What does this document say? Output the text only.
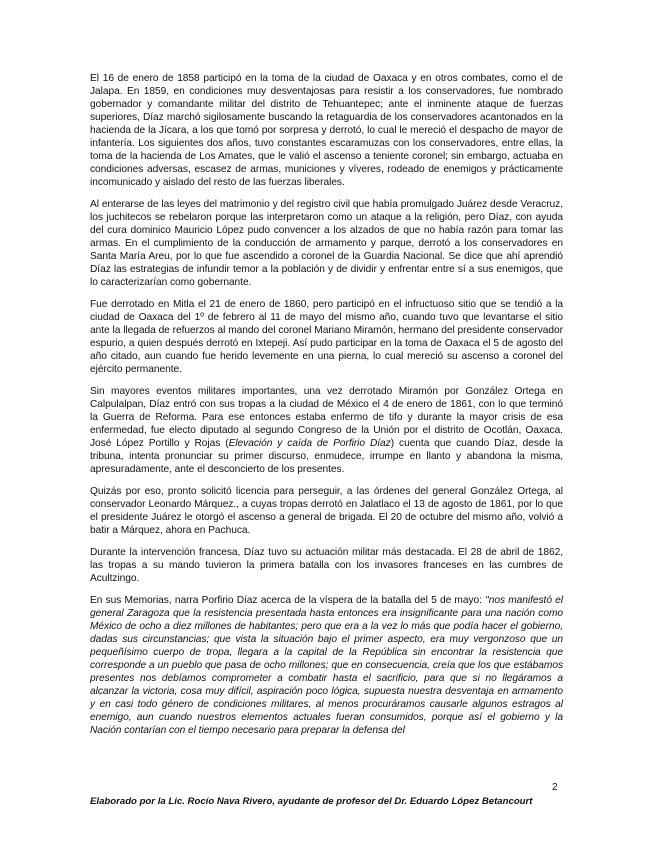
El 16 de enero de 1858 participó en la toma de la ciudad de Oaxaca y en otros combates, como el de Jalapa. En 1859, en condiciones muy desventajosas para resistir a los conservadores, fue nombrado gobernador y comandante militar del distrito de Tehuantepec; ante el inminente ataque de fuerzas superiores, Díaz marchó sigilosamente buscando la retaguardia de los conservadores acantonados en la hacienda de la Jícara, a los que tomó por sorpresa y derrotó, lo cual le mereció el despacho de mayor de infantería. Los siguientes dos años, tuvo constantes escaramuzas con los conservadores, entre ellas, la toma de la hacienda de Los Amates, que le valió el ascenso a teniente coronel; sin embargo, actuaba en condiciones adversas, escasez de armas, municiones y víveres, rodeado de enemigos y prácticamente incomunicado y aislado del resto de las fuerzas liberales.

Al enterarse de las leyes del matrimonio y del registro civil que había promulgado Juárez desde Veracruz, los juchitecos se rebelaron porque las interpretaron como un ataque a la religión, pero Díaz, con ayuda del cura dominico Mauricio López pudo convencer a los alzados de que no había razón para tomar las armas. En el cumplimiento de la conducción de armamento y parque, derrotó a los conservadores en Santa María Areu, por lo que fue ascendido a coronel de la Guardia Nacional. Se dice que ahí aprendió Díaz las estrategias de infundir temor a la población y de dividir y enfrentar entre sí a sus enemigos, que lo caracterizarían como gobernante.

Fue derrotado en Mitla el 21 de enero de 1860, pero participó en el infructuoso sitio que se tendió a la ciudad de Oaxaca del 1º de febrero al 11 de mayo del mismo año, cuando tuvo que levantarse el sitio ante la llegada de refuerzos al mando del coronel Mariano Miramón, hermano del presidente conservador espurio, a quien después derrotó en Ixtepeji. Así pudo participar en la toma de Oaxaca el 5 de agosto del año citado, aun cuando fue herido levemente en una pierna, lo cual mereció su ascenso a coronel del ejército permanente.

Sin mayores eventos militares importantes, una vez derrotado Miramón por González Ortega en Calpulalpan, Díaz entró con sus tropas a la ciudad de México el 4 de enero de 1861, con lo que terminó la Guerra de Reforma. Para ese entonces estaba enfermo de tifo y durante la mayor crisis de esa enfermedad, fue electo diputado al segundo Congreso de la Unión por el distrito de Ocotlán, Oaxaca. José López Portillo y Rojas (Elevación y caída de Porfirio Díaz) cuenta que cuando Díaz, desde la tribuna, intenta pronunciar su primer discurso, enmudece, irrumpe en llanto y abandona la misma, apresuradamente, ante el desconcierto de los presentes.

Quizás por eso, pronto solicitó licencia para perseguir, a las órdenes del general González Ortega, al conservador Leonardo Márquez., a cuyas tropas derrotó en Jalatlaco el 13 de agosto de 1861, por lo que el presidente Juárez le otorgó el ascenso a general de brigada. El 20 de octubre del mismo año, volvió a batir a Márquez, ahora en Pachuca.

Durante la intervención francesa, Díaz tuvo su actuación militar más destacada. El 28 de abril de 1862, las tropas a su mando tuvieron la primera batalla con los invasores franceses en las cumbres de Acultzingo.

En sus Memorias, narra Porfirio Díaz acerca de la víspera de la batalla del 5 de mayo: "nos manifestó el general Zaragoza que la resistencia presentada hasta entonces era insignificante para una nación como México de ocho a diez millones de habitantes; pero que era a la vez lo más que podía hacer el gobierno, dadas sus circunstancias; que vista la situación bajo el primer aspecto, era muy vergonzoso que un pequeñísimo cuerpo de tropa, llegara a la capital de la República sin encontrar la resistencia que corresponde a un pueblo que pasa de ocho millones; que en consecuencia, creía que los que estábamos presentes nos debíamos comprometer a combatir hasta el sacrificio, para que si no llegáramos a alcanzar la victoria, cosa muy difícil, aspiración poco lógica, supuesta nuestra desventaja en armamento y en casi todo género de condiciones militares, al menos procuráramos causarle algunos estragos al enemigo, aun cuando nuestros elementos actuales fueran consumidos, porque así el gobierno y la Nación contarían con el tiempo necesario para preparar la defensa del

2
Elaborado por la Lic. Rocío Nava Rivero, ayudante de profesor del Dr. Eduardo López Betancourt
